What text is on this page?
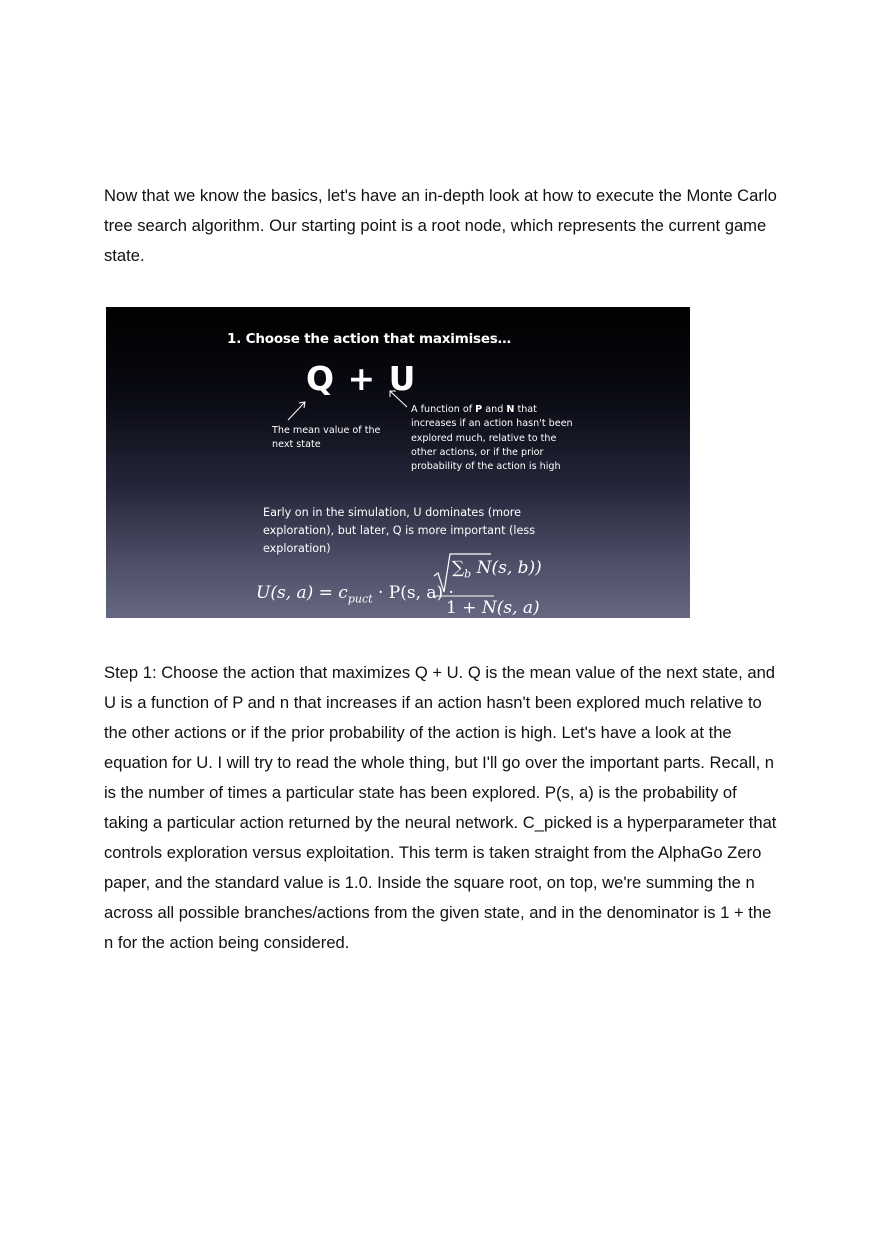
Now that we know the basics, let's have an in-depth look at how to execute the Monte Carlo tree search algorithm. Our starting point is a root node, which represents the current game state.

1. Choose the action that maximises…
Q + U
The mean value of the next state
A function of P and N that increases if an action hasn't been explored much, relative to the other actions, or if the prior probability of the action is high
Early on in the simulation, U dominates (more exploration), but later, Q is more important (less exploration)
U(s, $a) = c_{puct} \cdot P(s$, a) ·
$\sum_b$ N(s, b))
1 + N(s, a)

Step 1: Choose the action that maximizes Q + U. Q is the mean value of the next state, and U is a function of P and n that increases if an action hasn't been explored much relative to the other actions or if the prior probability of the action is high. Let's have a look at the equation for U. I will try to read the whole thing, but I'll go over the important parts. Recall, n is the number of times a particular state has been explored. P(s, a) is the probability of taking a particular action returned by the neural network. C_picked is a hyperparameter that controls exploration versus exploitation. This term is taken straight from the AlphaGo Zero paper, and the standard value is 1.0. Inside the square root, on top, we're summing the n across all possible branches/actions from the given state, and in the denominator is 1 + the n for the action being considered.
